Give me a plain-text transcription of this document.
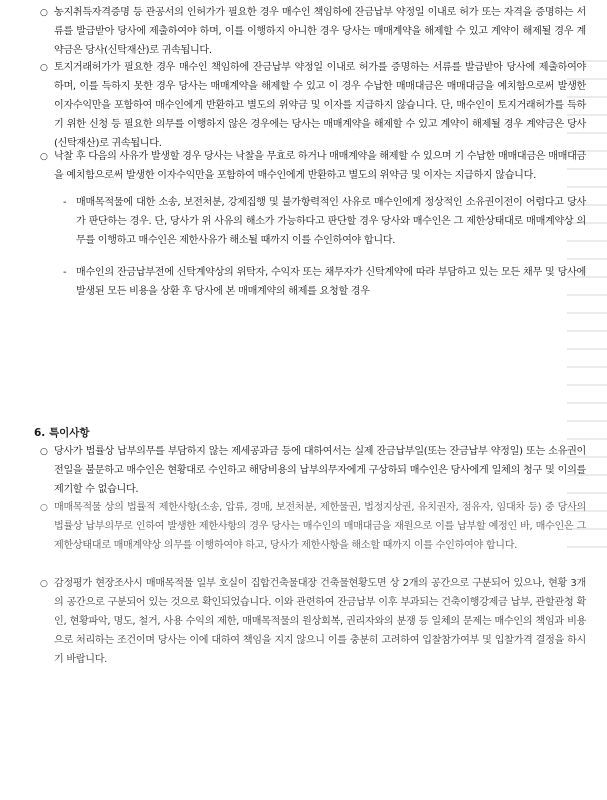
○ 농지취득자격증명 등 관공서의 인허가가 필요한 경우 매수인 책임하에 잔금납부 약정일 이내로 허가 또는 자격을 증명하는 서류를 발급받아 당사에 제출하여야 하며, 이를 이행하지 아니한 경우 당사는 매매계약을 해제할 수 있고 계약이 해제될 경우 계약금은 당사(신탁재산)로 귀속됩니다.
○ 토지거래허가가 필요한 경우 매수인 책임하에 잔금납부 약정일 이내로 허가를 증명하는 서류를 발급받아 당사에 제출하여야 하며, 이를 득하지 못한 경우 당사는 매매계약을 해제할 수 있고 이 경우 수납한 매매대금은 매매대금을 예치함으로써 발생한 이자수익만을 포함하여 매수인에게 반환하고 별도의 위약금 및 이자를 지급하지 않습니다. 단, 매수인이 토지거래허가를 득하기 위한 신청 등 필요한 의무를 이행하지 않은 경우에는 당사는 매매계약을 해제할 수 있고 계약이 해제될 경우 계약금은 당사(신탁재산)로 귀속됩니다.
○ 낙찰 후 다음의 사유가 발생할 경우 당사는 낙찰을 무효로 하거나 매매계약을 해제할 수 있으며 기 수납한 매매대금은 매매대금을 예치함으로써 발생한 이자수익만을 포함하여 매수인에게 반환하고 별도의 위약금 및 이자는 지급하지 않습니다.
- 매매목적물에 대한 소송, 보전처분, 강제집행 및 불가항력적인 사유로 매수인에게 정상적인 소유권이전이 어렵다고 당사가 판단하는 경우. 단, 당사가 위 사유의 해소가 가능하다고 판단할 경우 당사와 매수인은 그 제한상태대로 매매계약상 의무를 이행하고 매수인은 제한사유가 해소될 때까지 이를 수인하여야 합니다.
- 매수인의 잔금납부전에 신탁계약상의 위탁자, 수익자 또는 채무자가 신탁계약에 따라 부담하고 있는 모든 채무 및 당사에 발생된 모든 비용을 상환 후 당사에 본 매매계약의 해제를 요청할 경우
6. 특이사항
○ 당사가 법률상 납부의무를 부담하지 않는 제세공과금 등에 대하여서는 실제 잔금납부일(또는 잔금납부 약정일) 또는 소유권이전일을 불문하고 매수인은 현황대로 수인하고 해당비용의 납부의무자에게 구상하되 매수인은 당사에게 일체의 청구 및 이의를 제기할 수 없습니다.
○ 매매목적물 상의 법률적 제한사항(소송, 압류, 경매, 보전처분, 제한물권, 법정지상권, 유치권자, 점유자, 임대차 등) 중 당사의 법률상 납부의무로 인하여 발생한 제한사항의 경우 당사는 매수인의 매매대금을 재원으로 이를 납부할 예정인 바, 매수인은 그 제한상태대로 매매계약상 의무를 이행하여야 하고, 당사가 제한사항을 해소할 때까지 이를 수인하여야 합니다.
○ 감정평가 현장조사시 매매목적물 일부 호실이 집합건축물대장 건축물현황도면 상 2개의 공간으로 구분되어 있으나, 현황 3개의 공간으로 구분되어 있는 것으로 확인되었습니다. 이와 관련하여 잔금납부 이후 부과되는 건축이행강제금 납부, 관할관청 확인, 현황파악, 명도, 철거, 사용 수익의 제한, 매매목적물의 원상회복, 권리자와의 분쟁 등 일체의 문제는 매수인의 책임과 비용으로 처리하는 조건이며 당사는 이에 대하여 책임을 지지 않으니 이를 충분히 고려하여 입찰참가여부 및 입찰가격 결정을 하시기 바랍니다.
